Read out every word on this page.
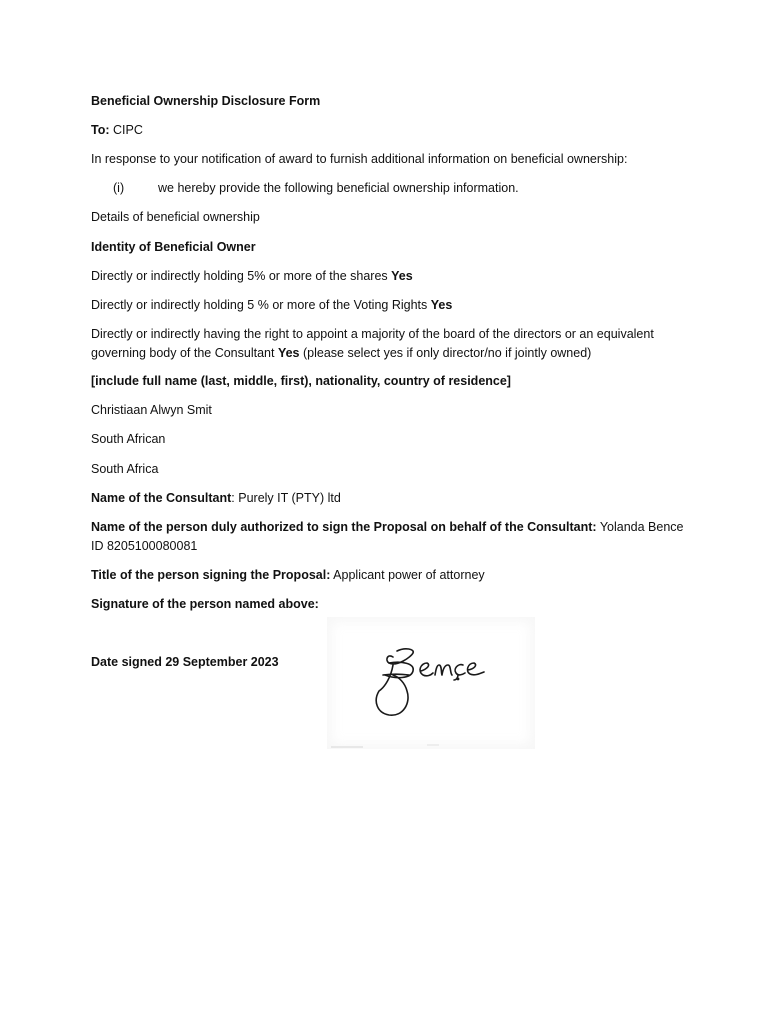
Beneficial Ownership Disclosure Form
To: CIPC
In response to your notification of award to furnish additional information on beneficial ownership:
(i)	we hereby provide the following beneficial ownership information.
Details of beneficial ownership
Identity of Beneficial Owner
Directly or indirectly holding 5% or more of the shares Yes
Directly or indirectly holding 5 % or more of the Voting Rights Yes
Directly or indirectly having the right to appoint a majority of the board of the directors or an equivalent
governing body of the Consultant Yes (please select yes if only director/no if jointly owned)
[include full name (last, middle, first), nationality, country of residence]
Christiaan Alwyn Smit
South African
South Africa
Name of the Consultant: Purely IT (PTY) ltd
Name of the person duly authorized to sign the Proposal on behalf of the Consultant: Yolanda Bence
ID 8205100080081
Title of the person signing the Proposal: Applicant power of attorney
Signature of the person named above:
Date signed 29 September 2023
